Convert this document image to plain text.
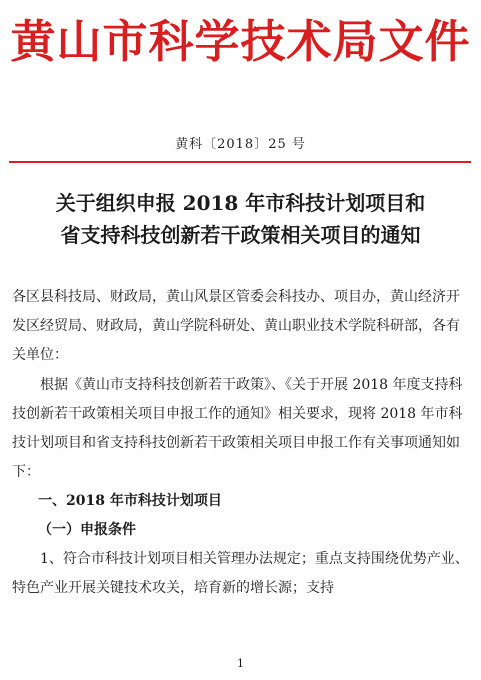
黄山市科学技术局文件
黄科〔2018〕25 号
关于组织申报 2018 年市科技计划项目和
省支持科技创新若干政策相关项目的通知

各区县科技局、财政局，黄山风景区管委会科技办、项目办，黄山经济开发区经贸局、财政局，黄山学院科研处、黄山职业技术学院科研部，各有关单位：

根据《黄山市支持科技创新若干政策》、《关于开展 2018 年度支持科技创新若干政策相关项目申报工作的通知》相关要求，现将 2018 年市科技计划项目和省支持科技创新若干政策相关项目申报工作有关事项通知如下：

一、2018 年市科技计划项目

（一）申报条件

1、符合市科技计划项目相关管理办法规定；重点支持围绕优势产业、特色产业开展关键技术攻关，培育新的增长源；支持

1
